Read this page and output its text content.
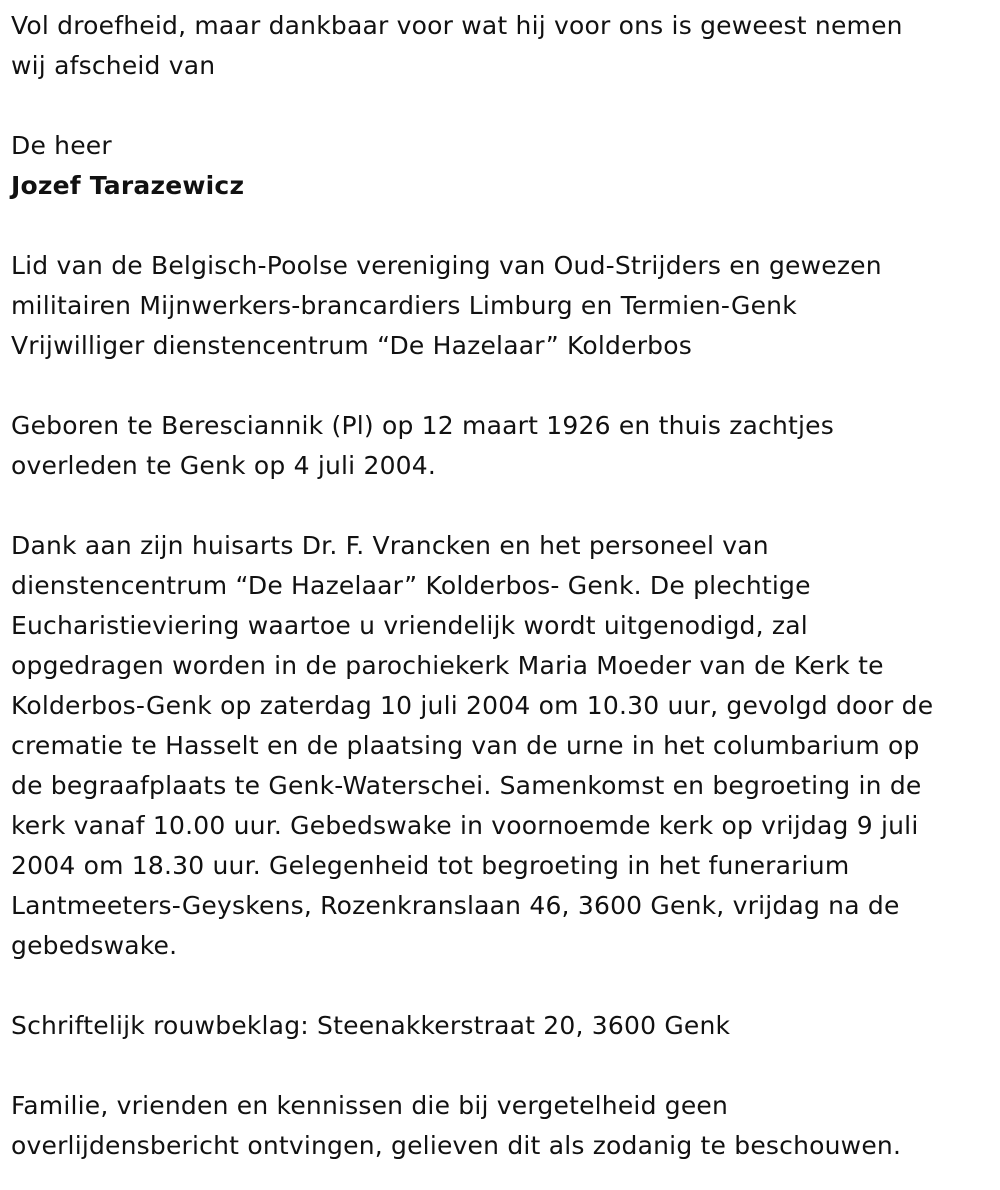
Vol droefheid, maar dankbaar voor wat hij voor ons is geweest nemen
wij afscheid van
De heer
Jozef Tarazewicz
Lid van de Belgisch-Poolse vereniging van Oud-Strijders en gewezen
militairen Mijnwerkers-brancardiers Limburg en Termien-Genk
Vrijwilliger dienstencentrum “De Hazelaar” Kolderbos
Geboren te Beresciannik (Pl) op 12 maart 1926 en thuis zachtjes
overleden te Genk op 4 juli 2004.
Dank aan zijn huisarts Dr. F. Vrancken en het personeel van
dienstencentrum “De Hazelaar” Kolderbos- Genk. De plechtige
Eucharistieviering waartoe u vriendelijk wordt uitgenodigd, zal
opgedragen worden in de parochiekerk Maria Moeder van de Kerk te
Kolderbos-Genk op zaterdag 10 juli 2004 om 10.30 uur, gevolgd door de
crematie te Hasselt en de plaatsing van de urne in het columbarium op
de begraafplaats te Genk-Waterschei. Samenkomst en begroeting in de
kerk vanaf 10.00 uur. Gebedswake in voornoemde kerk op vrijdag 9 juli
2004 om 18.30 uur. Gelegenheid tot begroeting in het funerarium
Lantmeeters-Geyskens, Rozenkranslaan 46, 3600 Genk, vrijdag na de
gebedswake.
Schriftelijk rouwbeklag: Steenakkerstraat 20, 3600 Genk
Familie, vrienden en kennissen die bij vergetelheid geen
overlijdensbericht ontvingen, gelieven dit als zodanig te beschouwen.
